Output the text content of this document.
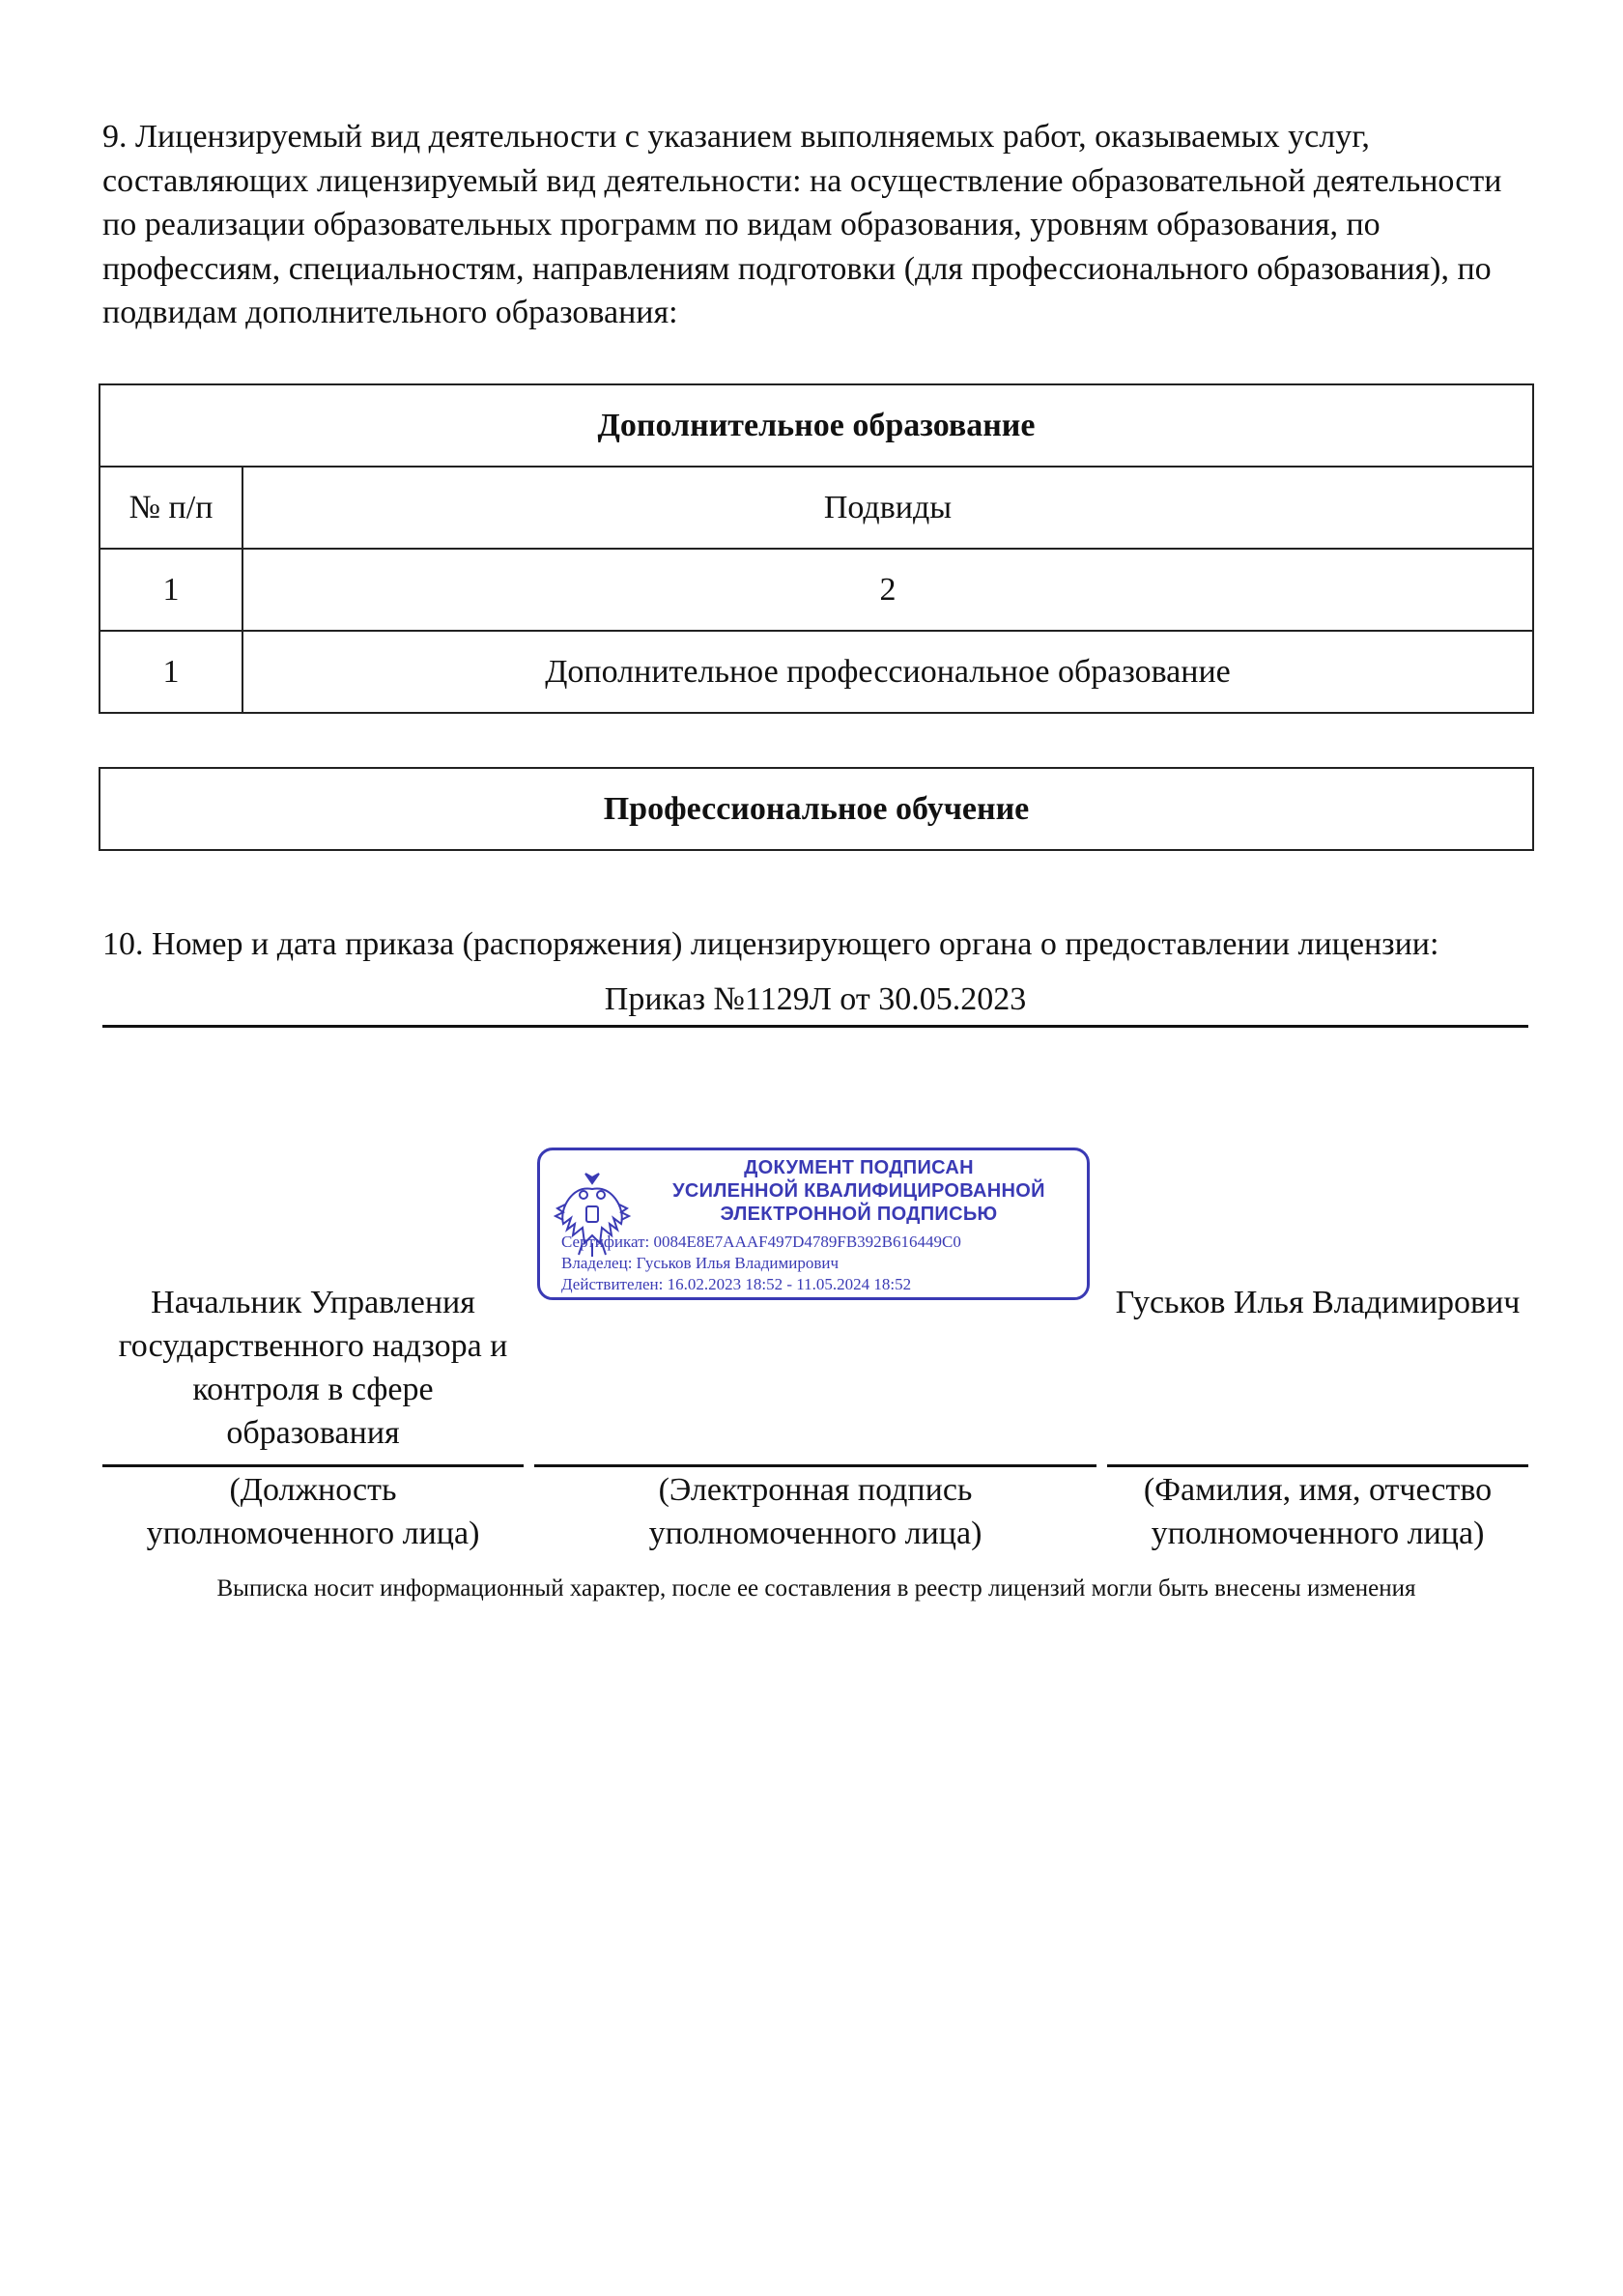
9. Лицензируемый вид деятельности с указанием выполняемых работ, оказываемых услуг, составляющих лицензируемый вид деятельности: на осуществление образовательной деятельности по реализации образовательных программ по видам образования, уровням образования, по профессиям, специальностям, направлениям подготовки (для профессионального образования), по подвидам дополнительного образования:
Дополнительное образование	
№ п/п	Подвиды
1	2
1	Дополнительное профессиональное образование
Профессиональное обучение
10. Номер и дата приказа (распоряжения) лицензирующего органа о предоставлении лицензии:
Приказ №1129Л от 30.05.2023
ДОКУМЕНТ ПОДПИСАН
УСИЛЕННОЙ КВАЛИФИЦИРОВАННОЙ
ЭЛЕКТРОННОЙ ПОДПИСЬЮ
Сертификат: 0084E8E7AAAF497D4789FB392B616449C0
Владелец: Гуськов Илья Владимирович
Действителен: 16.02.2023 18:52 - 11.05.2024 18:52
Начальник Управления
государственного надзора и
контроля в сфере
образования
Гуськов Илья Владимирович
(Должность
уполномоченного лица)
(Электронная подпись
уполномоченного лица)
(Фамилия, имя, отчество
уполномоченного лица)
Выписка носит информационный характер, после ее составления в реестр лицензий могли быть внесены изменения
